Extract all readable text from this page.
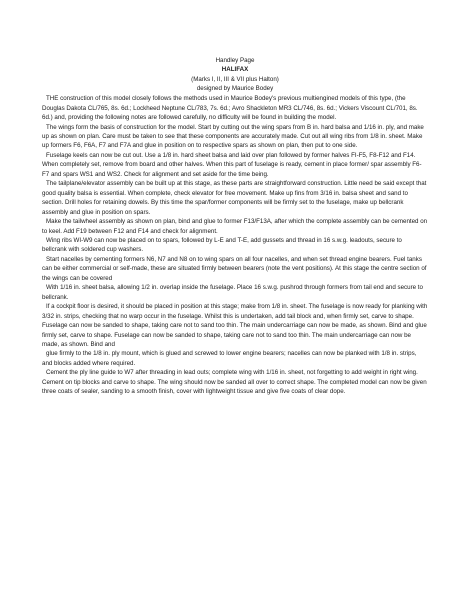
Handley Page
HALIFAX
(Marks I, II, III & VII plus Halton)
designed by Maurice Bodey

THE construction of this model closely follows the methods used in Maurice Bodey's previous multiengined models of this type, (the Douglas Dakota CL/765, 8s. 6d.; Lockheed Neptune CL/783, 7s. 6d.; Avro Shackleton MR3 CL/746, 8s. 6d.; Vickers Viscount CL/701, 8s. 6d.) and, providing the following notes are followed carefully, no difficulty will be found in building the model.

The wings form the basis of construction for the model. Start by cutting out the wing spars from B in. hard balsa and 1/16 in. ply, and make up as shown on plan. Care must be taken to see that these components are accurately made. Cut out all wing ribs from 1/8 in. sheet. Make up formers F6, F6A, F7 and F7A and glue in position on to respective spars as shown on plan, then put to one side.

Fuselage keels can now be cut out. Use a 1/8 in. hard sheet balsa and laid over plan followed by former halves FI-F5, F8-F12 and F14. When completely set, remove from board and other halves. When this part of fuselage is ready, cement in place former/ spar assembly F6-F7 and spars WS1 and WS2. Check for alignment and set aside for the time being.

The tailplane/elevator assembly can be built up at this stage, as these parts are straightforward construction. Little need be said except that good quality balsa is essential. When complete, check elevator for free movement. Make up fins from 3/16 in. balsa sheet and sand to section. Drill holes for retaining dowels. By this time the spar/former components will be firmly set to the fuselage, make up bellcrank assembly and glue in position on spars.

Make the tailwheel assembly as shown on plan, bind and glue to former F13/F13A, after which the complete assembly can be cemented on to keel. Add F19 between F12 and F14 and check for alignment.

Wing ribs WI-W9 can now be placed on to spars, followed by L-E and T-E, add gussets and thread in 16 s.w.g. leadouts, secure to bellcrank with soldered cup washers.

Start nacelles by cementing formers N6, N7 and N8 on to wing spars on all four nacelles, and when set thread engine bearers. Fuel tanks can be either commercial or self-made, these are situated firmly between bearers (note the vent positions). At this stage the centre section of the wings can be covered

With 1/16 in. sheet balsa, allowing 1/2 in. overlap inside the fuselage. Place 16 s.w.g. pushrod through formers from tail end and secure to bellcrank.

If a cockpit floor is desired, it should be placed in position at this stage; make from 1/8 in. sheet. The fuselage is now ready for planking with 3/32 in. strips, checking that no warp occur in the fuselage. Whilst this is undertaken, add tail block and, when firmly set, carve to shape. Fuselage can now be sanded to shape, taking care not to sand too thin. The main undercarriage can now be made, as shown. Bind and glue firmly set, carve to shape. Fuselage can now be sanded to shape, taking care not to sand too thin. The main undercarriage can now be made, as shown. Bind and

glue firmly to the 1/8 in. ply mount, which is glued and screwed to lower engine bearers; nacelles can now be planked with 1/8 in. strips, and blocks added where required.

Cement the ply line guide to W7 after threading in lead outs; complete wing with 1/16 in. sheet, not forgetting to add weight in right wing. Cement on tip blocks and carve to shape. The wing should now be sanded all over to correct shape. The completed model can now be given three coats of sealer, sanding to a smooth finish, cover with lightweight tissue and give five coats of clear dope.
